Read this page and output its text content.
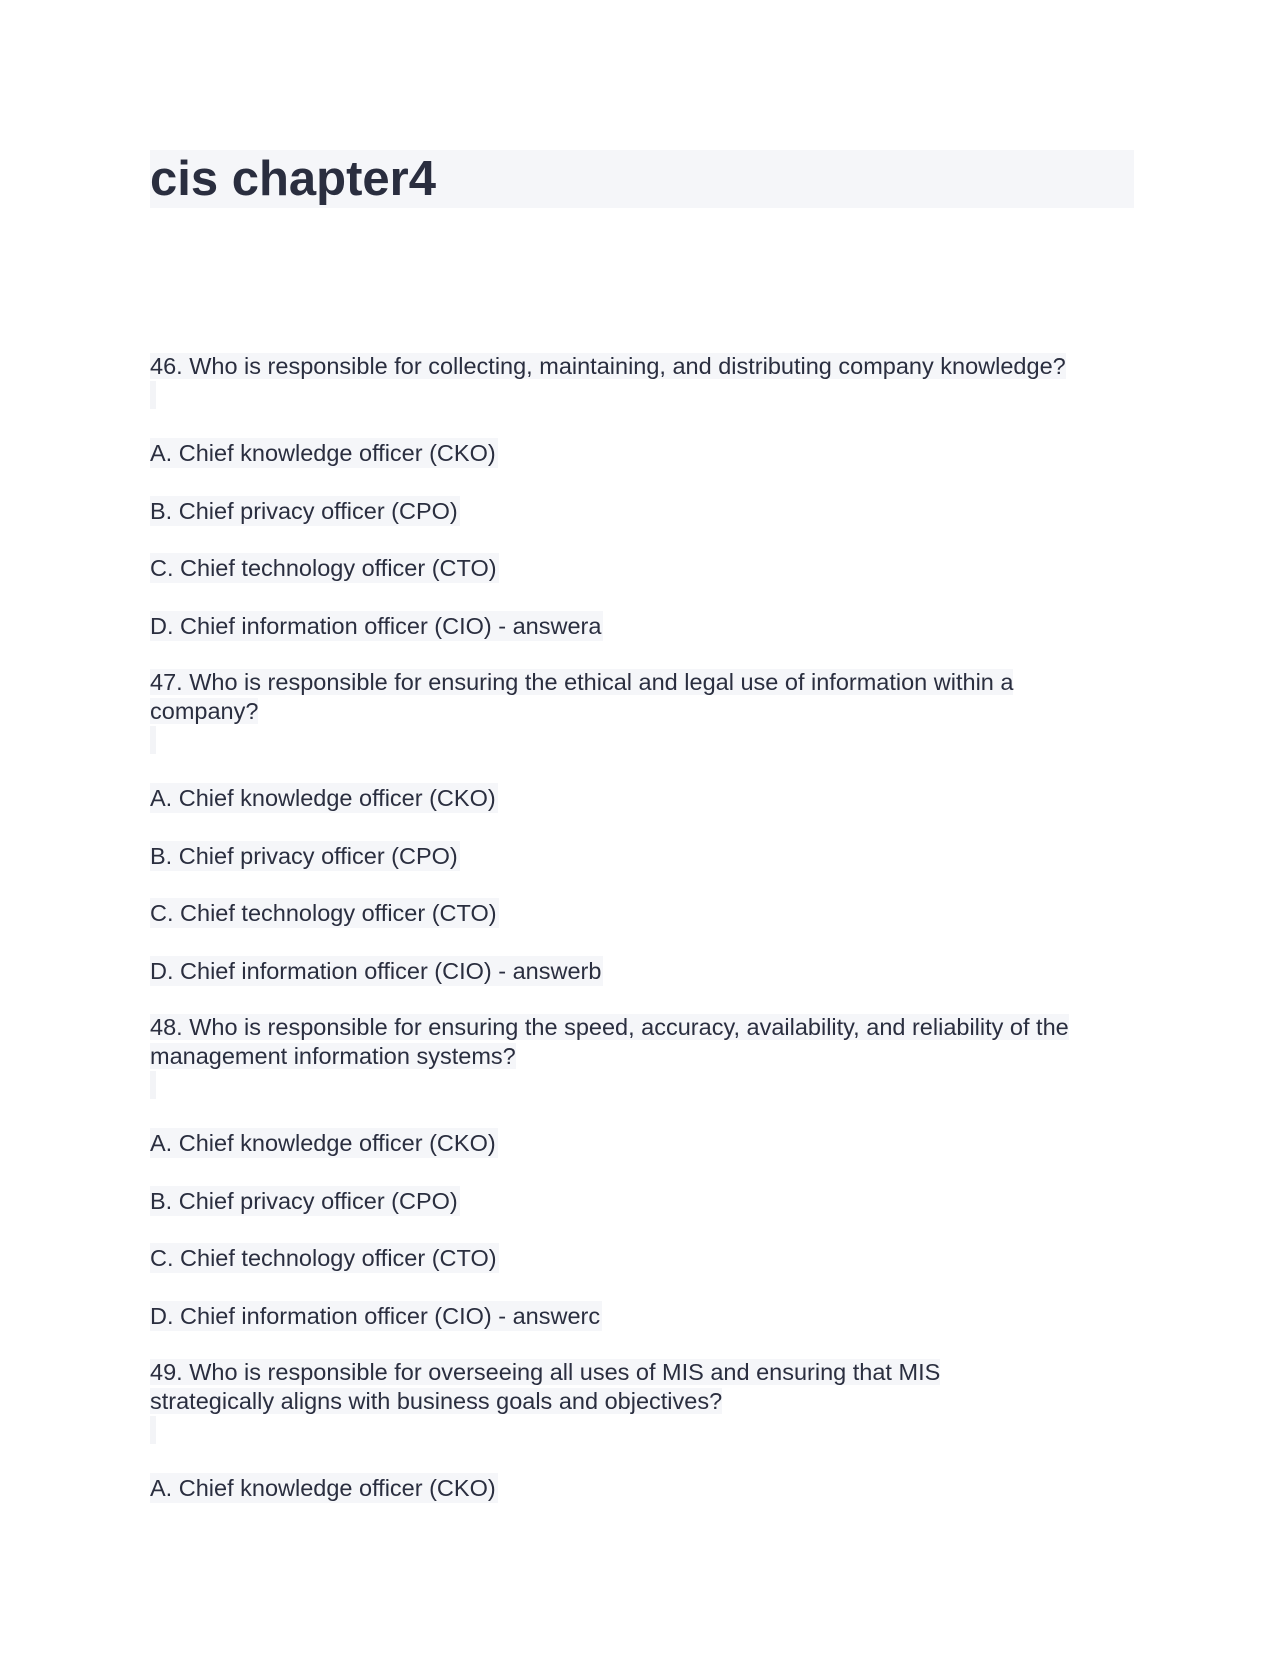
cis chapter4
46. Who is responsible for collecting, maintaining, and distributing company knowledge?
A. Chief knowledge officer (CKO)
B. Chief privacy officer (CPO)
C. Chief technology officer (CTO)
D. Chief information officer (CIO) - answera
47. Who is responsible for ensuring the ethical and legal use of information within a company?
A. Chief knowledge officer (CKO)
B. Chief privacy officer (CPO)
C. Chief technology officer (CTO)
D. Chief information officer (CIO) - answerb
48. Who is responsible for ensuring the speed, accuracy, availability, and reliability of the management information systems?
A. Chief knowledge officer (CKO)
B. Chief privacy officer (CPO)
C. Chief technology officer (CTO)
D. Chief information officer (CIO) - answerc
49. Who is responsible for overseeing all uses of MIS and ensuring that MIS strategically aligns with business goals and objectives?
A. Chief knowledge officer (CKO)
